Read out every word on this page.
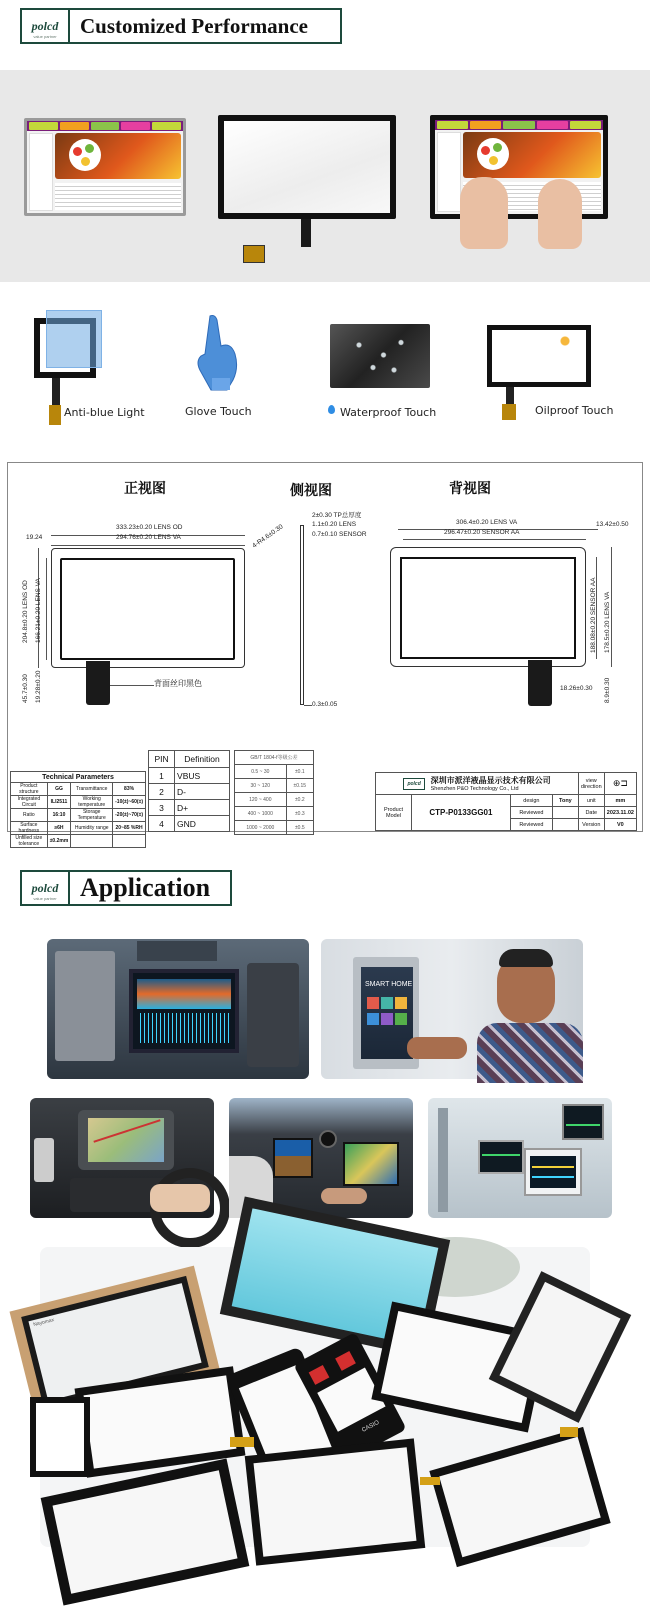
polcd
value partner	Customized Performance
Anti-blue Light	Glove Touch	Waterproof Touch	Oilproof Touch
正视图	侧视图	背视图
333.23±0.20 LENS OD
294.76±0.20 LENS VA
19.24	4-R4.6±0.30
204.8±0.20 LENS OD 166.21±0.20 LENS VA
45.7±0.30 19.28±0.20	背面丝印黑色
2±0.30 TP总厚度
1.1±0.20 LENS
0.7±0.10 SENSOR
0.3±0.05
306.4±0.20 LENS VA
296.47±0.20 SENSOR AA
13.42±0.50
188.08±0.20 SENSOR AA 178.5±0.20 LENS VA
18.26±0.30 8.9±0.30
Technical Parameters			
Product structure	GG	Transmittance	83%
Integrated Circuit	ILI2511	Working temperature	-10(±)~60(±)
Ratio	16:10	Storage Temperature	-20(±)~70(±)
Surface hardness	≥6H	Humidity range	20~85 %RH
Unfilled size tolerance	±0.2mm		
PIN	Definition
1	VBUS
2	D-
3	D+
4	GND
GB/T 1804-f等级公差	
0.5 ~ 30	±0.1
30 ~ 120	±0.15
120 ~ 400	±0.2
400 ~ 1000	±0.3
1000 ~ 2000	±0.5
polcd 深圳市派洋液晶显示技术有限公司
Shenzhen P&O Technology Co., Ltd				view direction	⊕⊐
Product Model	CTP-P0133GG01	design	Tony	unit	mm
		Reviewed		Date	2023.11.02
		Reviewed		Version	V0
polcd
value partner Application
SMART HOME
Nayomax
CASIO
